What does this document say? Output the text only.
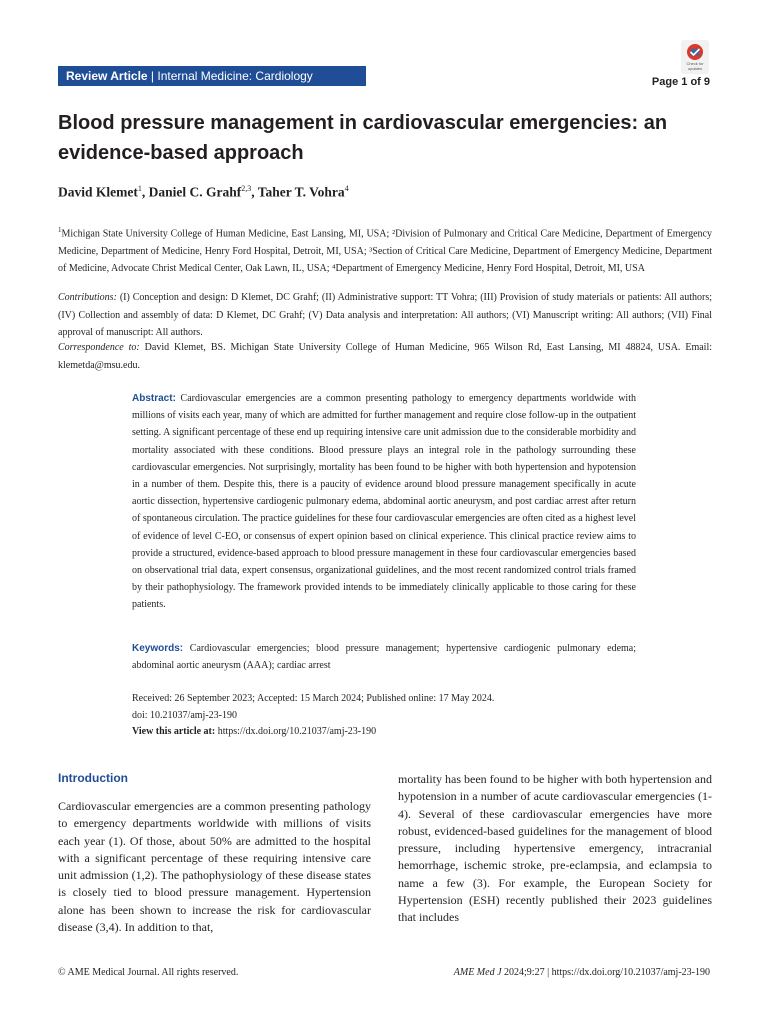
Review Article | Internal Medicine: Cardiology
Check for updates
Page 1 of 9
Blood pressure management in cardiovascular emergencies: an evidence-based approach
David Klemet$^1$, Daniel C. Grahf$^{2,3}$, Taher T. Vohra$^4$
$^1$Michigan State University College of Human Medicine, East Lansing, MI, USA; ²Division of Pulmonary and Critical Care Medicine, Department of Emergency Medicine, Department of Medicine, Henry Ford Hospital, Detroit, MI, USA; ³Section of Critical Care Medicine, Department of Emergency Medicine, Department of Medicine, Advocate Christ Medical Center, Oak Lawn, IL, USA; ⁴Department of Emergency Medicine, Henry Ford Hospital, Detroit, MI, USA
Contributions: (I) Conception and design: D Klemet, DC Grahf; (II) Administrative support: TT Vohra; (III) Provision of study materials or patients: All authors; (IV) Collection and assembly of data: D Klemet, DC Grahf; (V) Data analysis and interpretation: All authors; (VI) Manuscript writing: All authors; (VII) Final approval of manuscript: All authors.
Correspondence to: David Klemet, BS. Michigan State University College of Human Medicine, 965 Wilson Rd, East Lansing, MI 48824, USA. Email: klemetda@msu.edu.
Abstract: Cardiovascular emergencies are a common presenting pathology to emergency departments worldwide with millions of visits each year, many of which are admitted for further management and require close follow-up in the outpatient setting. A significant percentage of these end up requiring intensive care unit admission due to the considerable morbidity and mortality associated with these conditions. Blood pressure plays an integral role in the pathology surrounding these cardiovascular emergencies. Not surprisingly, mortality has been found to be higher with both hypertension and hypotension in a number of them. Despite this, there is a paucity of evidence around blood pressure management specifically in acute aortic dissection, hypertensive cardiogenic pulmonary edema, abdominal aortic aneurysm, and post cardiac arrest after return of spontaneous circulation. The practice guidelines for these four cardiovascular emergencies are often cited as a highest level of evidence of level C-EO, or consensus of expert opinion based on clinical experience. This clinical practice review aims to provide a structured, evidence-based approach to blood pressure management in these four cardiovascular emergencies based on observational trial data, expert consensus, organizational guidelines, and the most recent randomized control trials framed by their pathophysiology. The framework provided intends to be immediately clinically applicable to those caring for these patients.
Keywords: Cardiovascular emergencies; blood pressure management; hypertensive cardiogenic pulmonary edema; abdominal aortic aneurysm (AAA); cardiac arrest
Received: 26 September 2023; Accepted: 15 March 2024; Published online: 17 May 2024.
doi: 10.21037/amj-23-190
View this article at: https://dx.doi.org/10.21037/amj-23-190
Introduction
Cardiovascular emergencies are a common presenting pathology to emergency departments worldwide with millions of visits each year (1). Of those, about 50% are admitted to the hospital with a significant percentage of these requiring intensive care unit admission (1,2). The pathophysiology of these disease states is closely tied to blood pressure management. Hypertension alone has been shown to increase the risk for cardiovascular disease (3,4). In addition to that,
mortality has been found to be higher with both hypertension and hypotension in a number of acute cardiovascular emergencies (1-4). Several of these cardiovascular emergencies have more robust, evidenced-based guidelines for the management of blood pressure, including hypertensive emergency, intracranial hemorrhage, ischemic stroke, pre-eclampsia, and eclampsia to name a few (3). For example, the European Society for Hypertension (ESH) recently published their 2023 guidelines that includes
© AME Medical Journal. All rights reserved.	AME Med J 2024;9:27 | https://dx.doi.org/10.21037/amj-23-190
